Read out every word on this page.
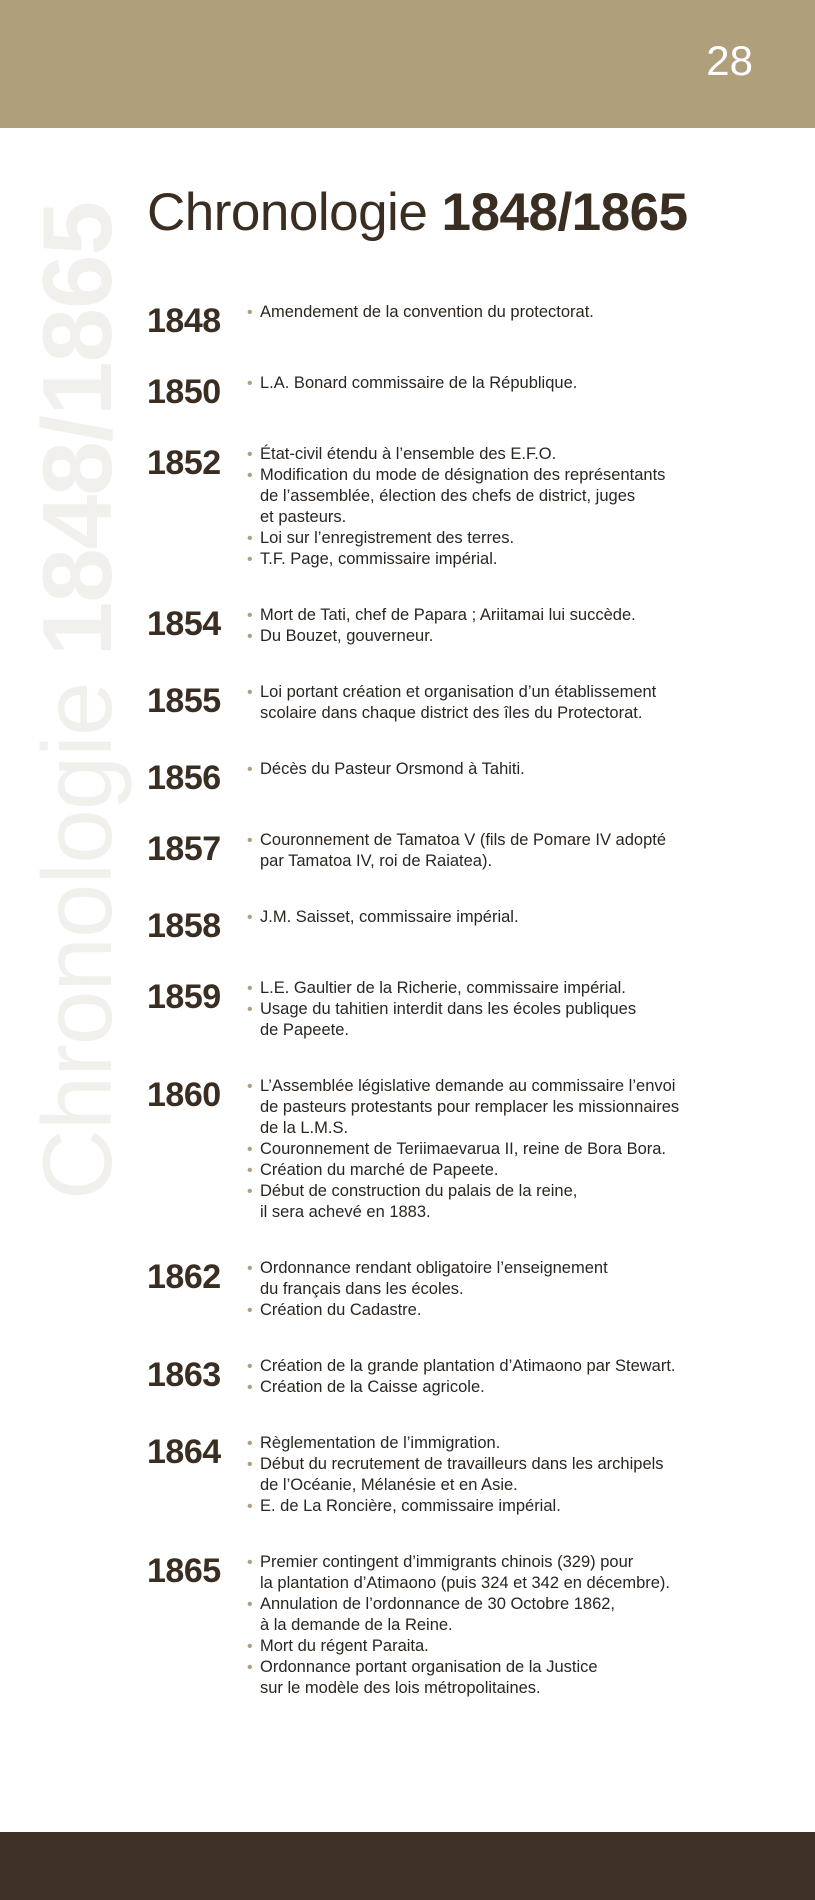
28
Chronologie 1848/1865 Chronologie 1848/1865
1848	• Amendement de la convention du protectorat.
1850	• L.A. Bonard commissaire de la République.
1852	• État-civil étendu à l’ensemble des E.F.O.
• Modification du mode de désignation des représentants
de l’assemblée, élection des chefs de district, juges
et pasteurs.
• Loi sur l’enregistrement des terres.
• T.F. Page, commissaire impérial.
1854	• Mort de Tati, chef de Papara ; Ariitamai lui succède.
• Du Bouzet, gouverneur.
1855	• Loi portant création et organisation d’un établissement
scolaire dans chaque district des îles du Protectorat.
1856	• Décès du Pasteur Orsmond à Tahiti.
1857	• Couronnement de Tamatoa V (fils de Pomare IV adopté
par Tamatoa IV, roi de Raiatea).
1858	• J.M. Saisset, commissaire impérial.
1859	• L.E. Gaultier de la Richerie, commissaire impérial.
• Usage du tahitien interdit dans les écoles publiques
de Papeete.
1860	• L’Assemblée législative demande au commissaire l’envoi
de pasteurs protestants pour remplacer les missionnaires
de la L.M.S.
• Couronnement de Teriimaevarua II, reine de Bora Bora.
• Création du marché de Papeete.
• Début de construction du palais de la reine,
il sera achevé en 1883.
1862	• Ordonnance rendant obligatoire l’enseignement
du français dans les écoles.
• Création du Cadastre.
1863	• Création de la grande plantation d’Atimaono par Stewart.
• Création de la Caisse agricole.
1864	• Règlementation de l’immigration.
• Début du recrutement de travailleurs dans les archipels
de l’Océanie, Mélanésie et en Asie.
• E. de La Roncière, commissaire impérial.
1865	• Premier contingent d’immigrants chinois (329) pour
la plantation d’Atimaono (puis 324 et 342 en décembre).
• Annulation de l’ordonnance de 30 Octobre 1862,
à la demande de la Reine.
• Mort du régent Paraita.
• Ordonnance portant organisation de la Justice
sur le modèle des lois métropolitaines.
